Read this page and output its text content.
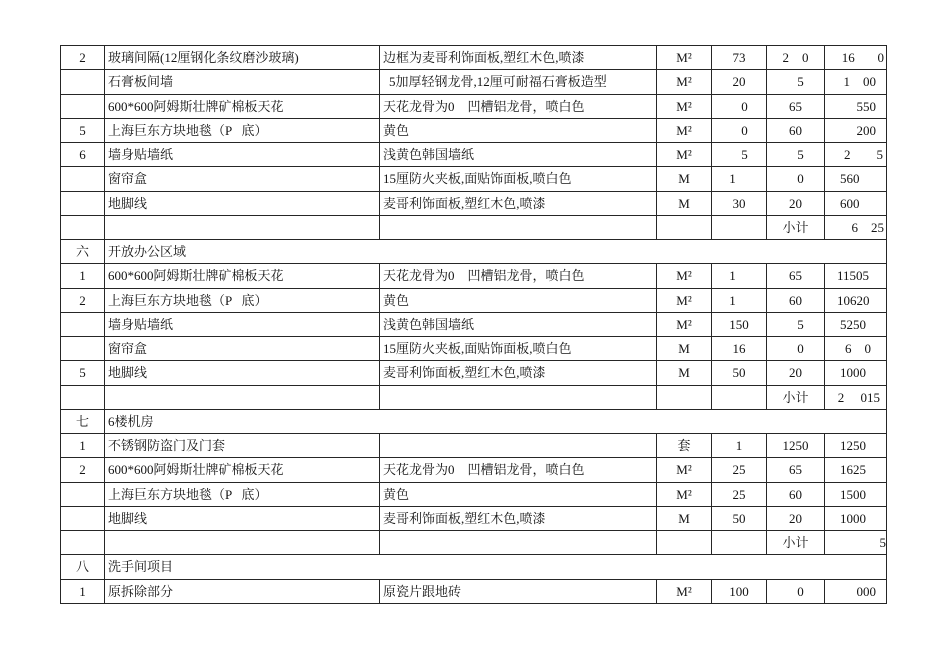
2	玻璃间隔(12厘钢化条纹磨沙玻璃)	边框为麦哥利饰面板,塑红木色,喷漆	M²	73	2    0	16       0
	石膏板间墙	5加厚轻钢龙骨,12厘可耐福石膏板造型	M²	20	5	1    00
	600*600阿姆斯壮牌矿棉板天花	天花龙骨为0    凹槽铝龙骨，喷白色	M²	0	65	550
5	上海巨东方块地毯（P   底）	黄色	M²	0	60	200
6	墙身贴墙纸	浅黄色韩国墙纸	M²	5	5	2        5
	窗帘盒	15厘防火夹板,面贴饰面板,喷白色	M	1	0	560
	地脚线	麦哥利饰面板,塑红木色,喷漆	M	30	20	600
					小计	6    25
六	开放办公区域					
1	600*600阿姆斯壮牌矿棉板天花	天花龙骨为0    凹槽铝龙骨，喷白色	M²	1	65	11505
2	上海巨东方块地毯（P   底）	黄色	M²	1	60	10620
	墙身贴墙纸	浅黄色韩国墙纸	M²	150	5	5250
	窗帘盒	15厘防火夹板,面贴饰面板,喷白色	M	16	0	6    0
5	地脚线	麦哥利饰面板,塑红木色,喷漆	M	50	20	1000
					小计	2     015
七	6楼机房					
1	不锈钢防盗门及门套		套	1	1250	1250
2	600*600阿姆斯壮牌矿棉板天花	天花龙骨为0    凹槽铝龙骨，喷白色	M²	25	65	1625
	上海巨东方块地毯（P   底）	黄色	M²	25	60	1500
	地脚线	麦哥利饰面板,塑红木色,喷漆	M	50	20	1000
					小计	5
八	洗手间项目					
1	原拆除部分	原瓷片跟地砖	M²	100	0	000
